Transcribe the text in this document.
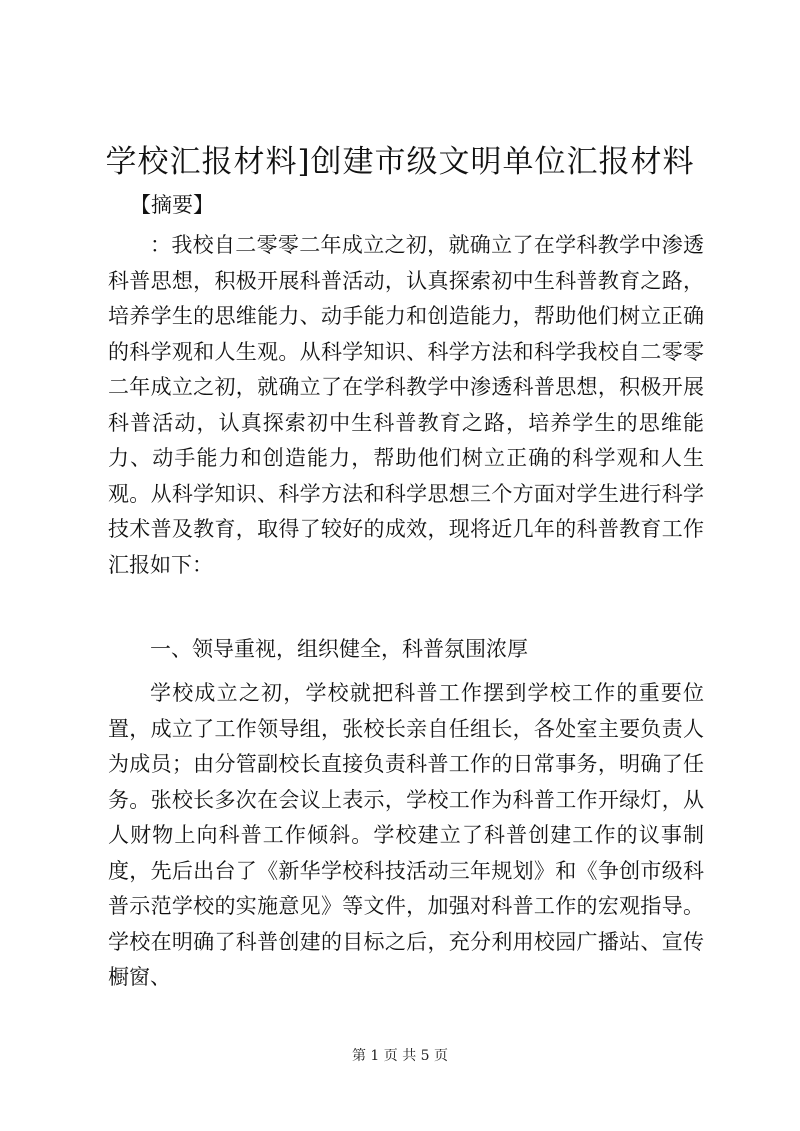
学校汇报材料]创建市级文明单位汇报材料
【摘要】

：我校自二零零二年成立之初，就确立了在学科教学中渗透科普思想，积极开展科普活动，认真探索初中生科普教育之路，培养学生的思维能力、动手能力和创造能力，帮助他们树立正确的科学观和人生观。从科学知识、科学方法和科学我校自二零零二年成立之初，就确立了在学科教学中渗透科普思想，积极开展科普活动，认真探索初中生科普教育之路，培养学生的思维能力、动手能力和创造能力，帮助他们树立正确的科学观和人生观。从科学知识、科学方法和科学思想三个方面对学生进行科学技术普及教育，取得了较好的成效，现将近几年的科普教育工作汇报如下：

一、领导重视，组织健全，科普氛围浓厚

学校成立之初，学校就把科普工作摆到学校工作的重要位置，成立了工作领导组，张校长亲自任组长，各处室主要负责人为成员；由分管副校长直接负责科普工作的日常事务，明确了任务。张校长多次在会议上表示，学校工作为科普工作开绿灯，从人财物上向科普工作倾斜。学校建立了科普创建工作的议事制度，先后出台了《新华学校科技活动三年规划》和《争创市级科普示范学校的实施意见》等文件，加强对科普工作的宏观指导。学校在明确了科普创建的目标之后，充分利用校园广播站、宣传橱窗、

第 1 页 共 5 页
